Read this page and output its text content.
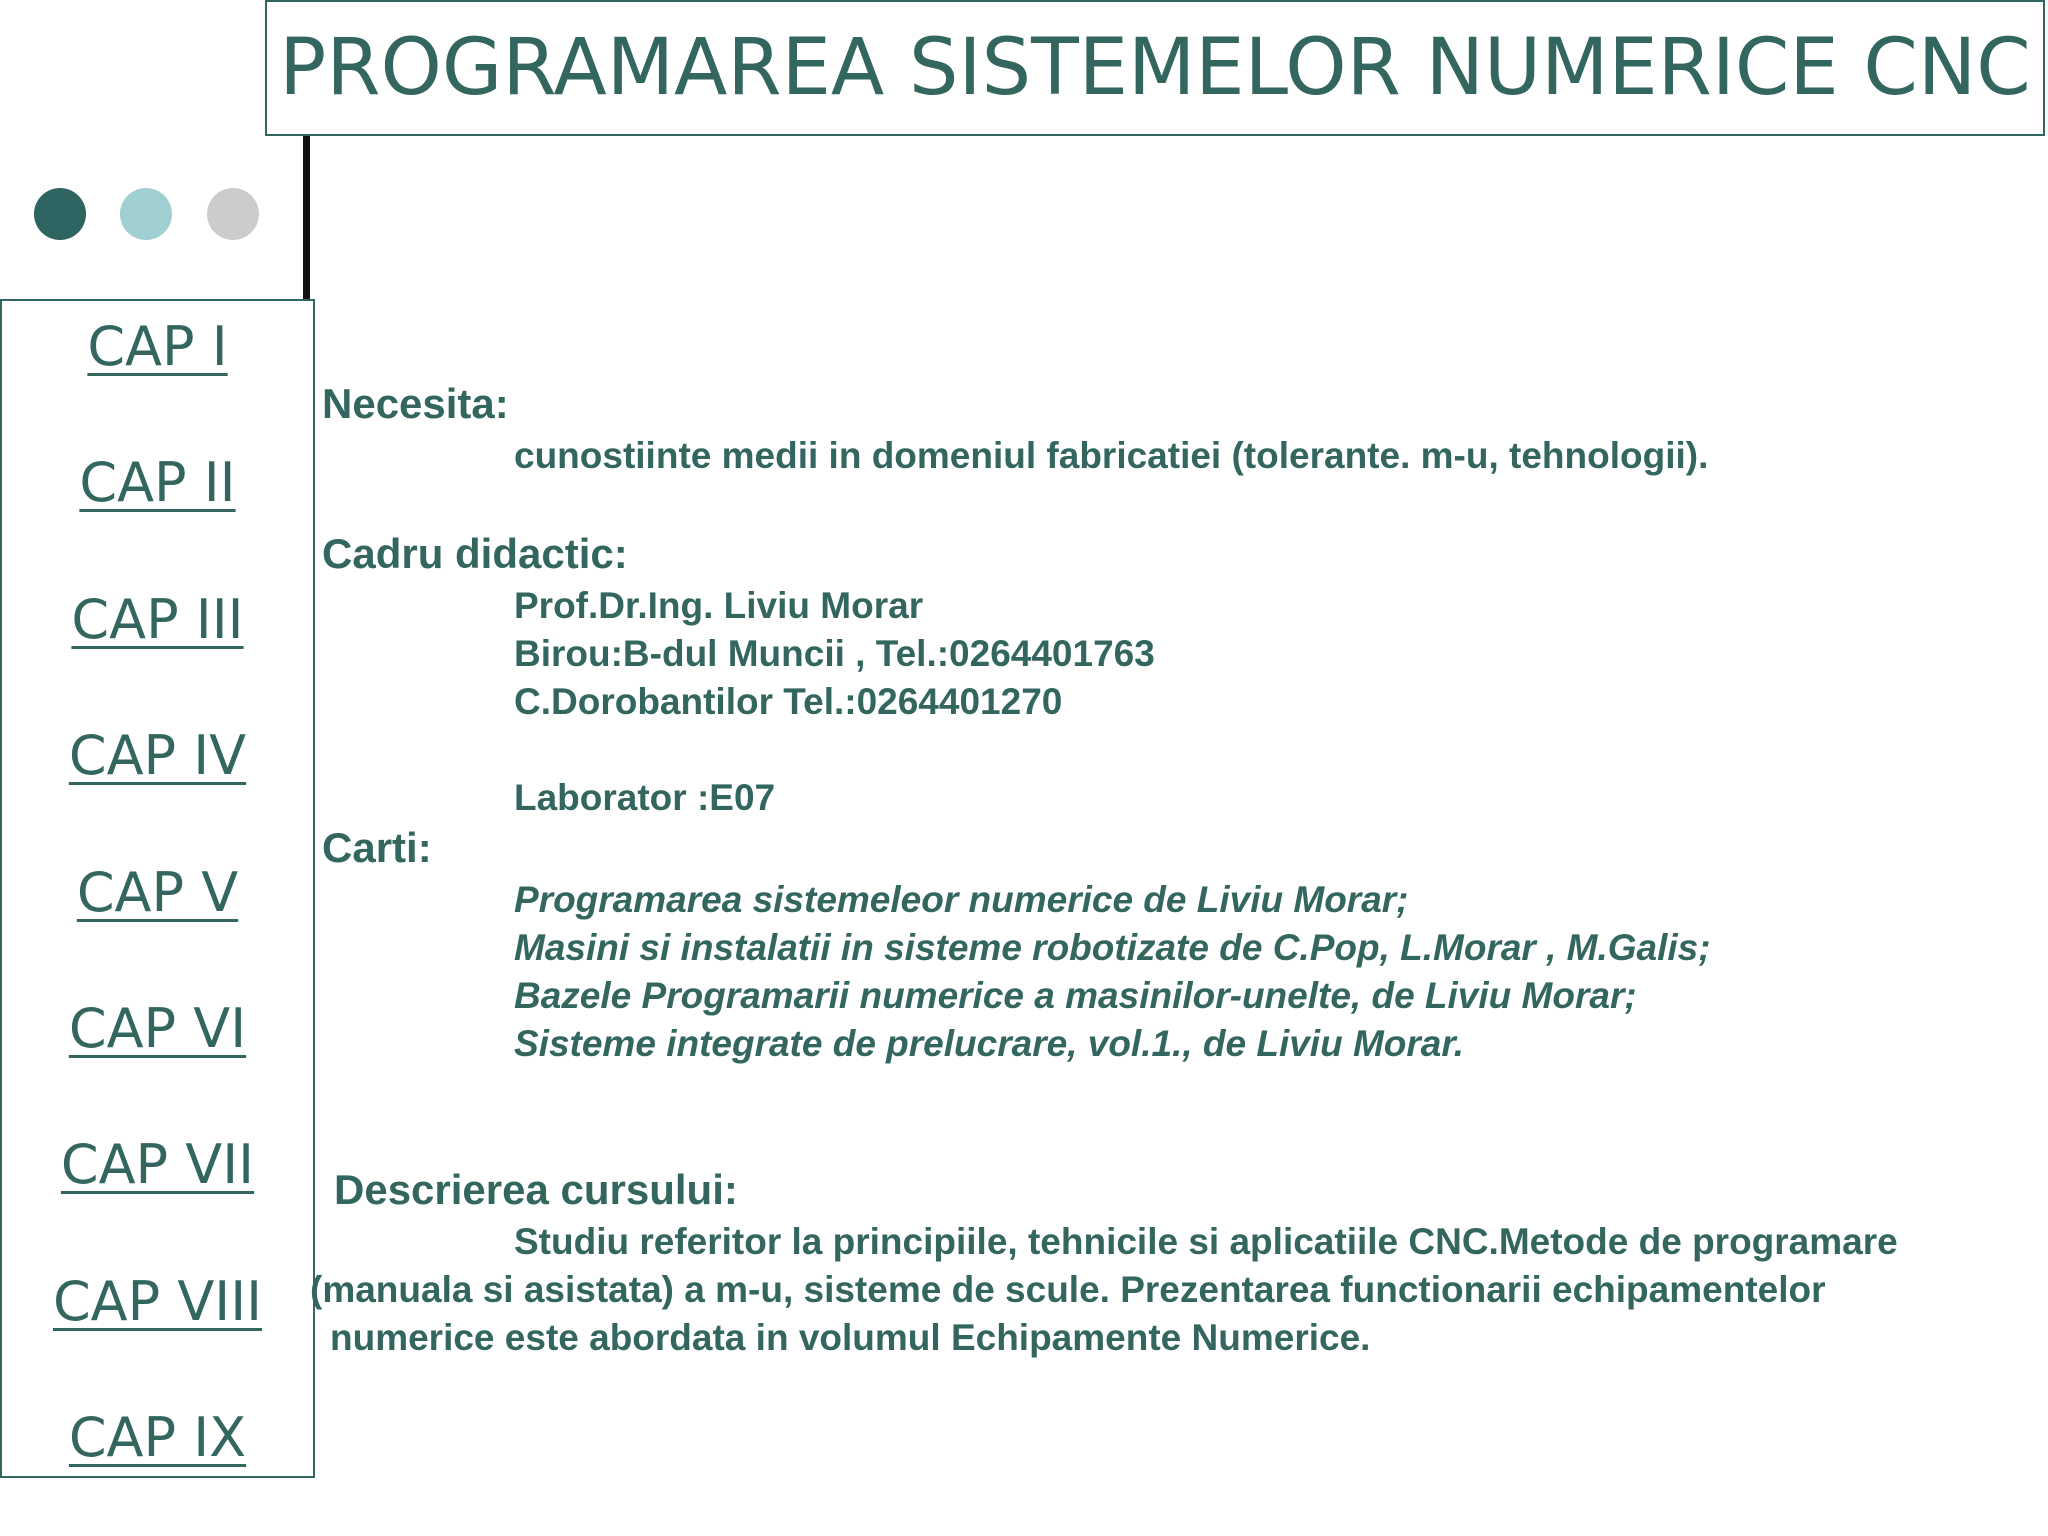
PROGRAMAREA SISTEMELOR NUMERICE CNC
CAP I
CAP II
CAP III
CAP IV
CAP V
CAP VI
CAP VII
CAP VIII
CAP IX
Necesita:
cunostiinte medii in domeniul fabricatiei (tolerante. m-u, tehnologii).
Cadru didactic:
Prof.Dr.Ing. Liviu Morar
Birou:B-dul Muncii , Tel.:0264401763
C.Dorobantilor Tel.:0264401270
Laborator :E07
Carti:
Programarea sistemeleor numerice de Liviu Morar;
Masini si instalatii in sisteme robotizate de C.Pop, L.Morar , M.Galis;
Bazele Programarii numerice a masinilor-unelte, de Liviu Morar;
Sisteme integrate de prelucrare, vol.1., de Liviu Morar.
Descrierea cursului:
Studiu referitor la principiile, tehnicile si aplicatiile CNC.Metode de programare
(manuala si asistata) a m-u, sisteme de scule. Prezentarea functionarii echipamentelor
numerice este abordata in volumul Echipamente Numerice.
